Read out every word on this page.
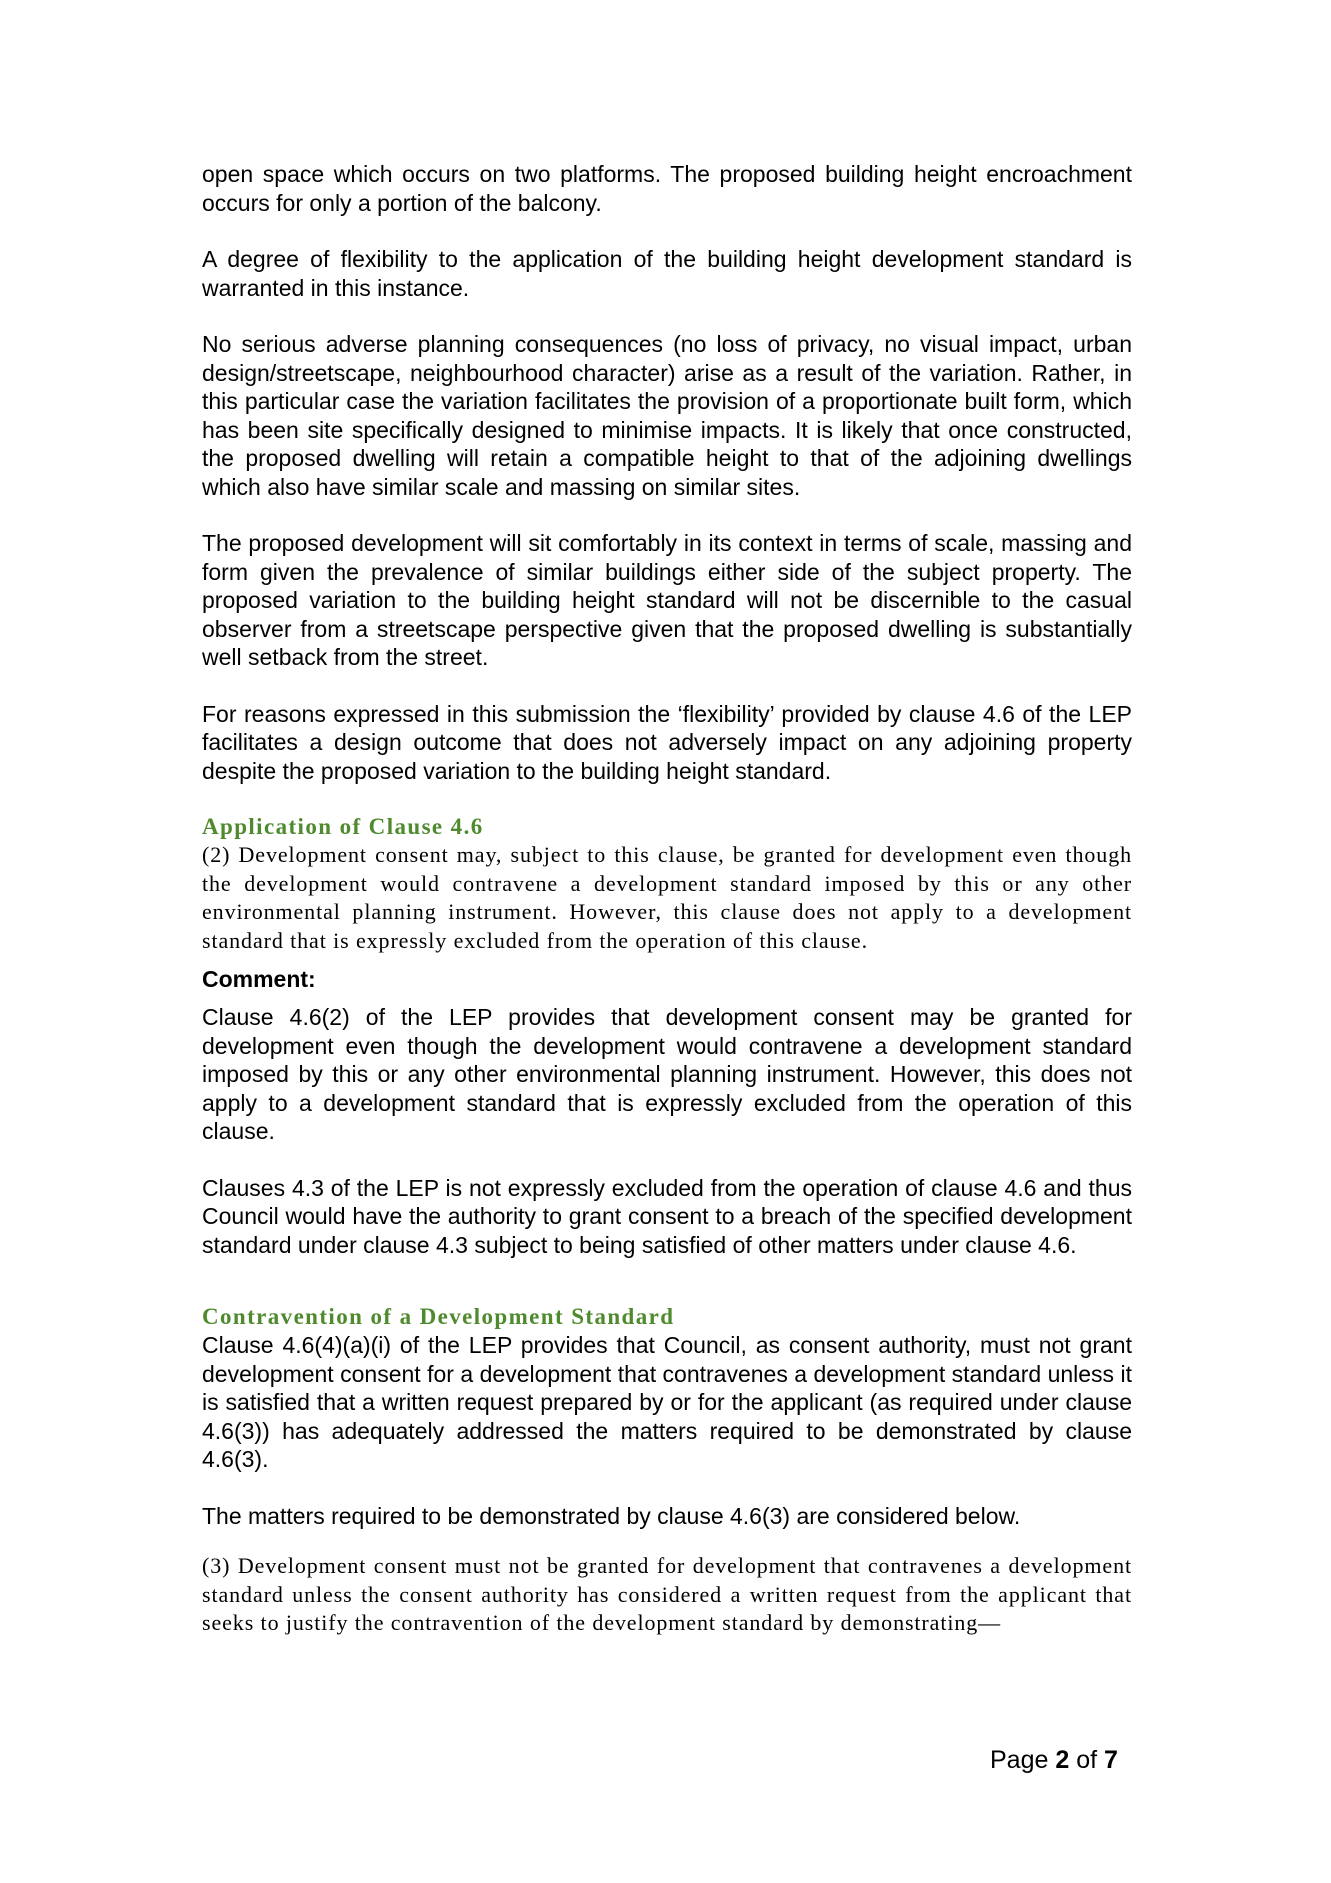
open space which occurs on two platforms. The proposed building height encroachment occurs for only a portion of the balcony.

A degree of flexibility to the application of the building height development standard is warranted in this instance.

No serious adverse planning consequences (no loss of privacy, no visual impact, urban design/streetscape, neighbourhood character) arise as a result of the variation. Rather, in this particular case the variation facilitates the provision of a proportionate built form, which has been site specifically designed to minimise impacts. It is likely that once constructed, the proposed dwelling will retain a compatible height to that of the adjoining dwellings which also have similar scale and massing on similar sites.

The proposed development will sit comfortably in its context in terms of scale, massing and form given the prevalence of similar buildings either side of the subject property. The proposed variation to the building height standard will not be discernible to the casual observer from a streetscape perspective given that the proposed dwelling is substantially well setback from the street.

For reasons expressed in this submission the ‘flexibility’ provided by clause 4.6 of the LEP facilitates a design outcome that does not adversely impact on any adjoining property despite the proposed variation to the building height standard.

Application of Clause 4.6

(2) Development consent may, subject to this clause, be granted for development even though the development would contravene a development standard imposed by this or any other environmental planning instrument. However, this clause does not apply to a development standard that is expressly excluded from the operation of this clause.

Comment:

Clause 4.6(2) of the LEP provides that development consent may be granted for development even though the development would contravene a development standard imposed by this or any other environmental planning instrument. However, this does not apply to a development standard that is expressly excluded from the operation of this clause.

Clauses 4.3 of the LEP is not expressly excluded from the operation of clause 4.6 and thus Council would have the authority to grant consent to a breach of the specified development standard under clause 4.3 subject to being satisfied of other matters under clause 4.6.

Contravention of a Development Standard

Clause 4.6(4)(a)(i) of the LEP provides that Council, as consent authority, must not grant development consent for a development that contravenes a development standard unless it is satisfied that a written request prepared by or for the applicant (as required under clause 4.6(3)) has adequately addressed the matters required to be demonstrated by clause 4.6(3).

The matters required to be demonstrated by clause 4.6(3) are considered below.

(3) Development consent must not be granted for development that contravenes a development standard unless the consent authority has considered a written request from the applicant that seeks to justify the contravention of the development standard by demonstrating—

Page 2 of 7
